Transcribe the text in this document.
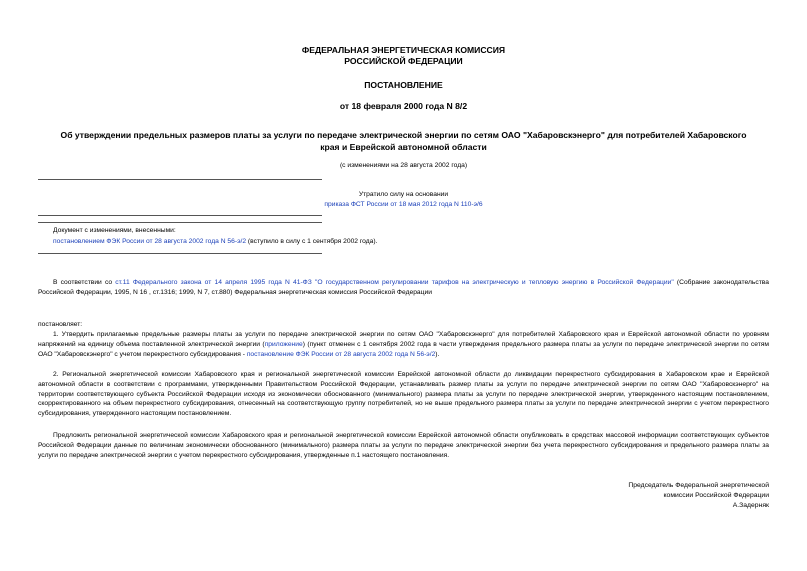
ФЕДЕРАЛЬНАЯ ЭНЕРГЕТИЧЕСКАЯ КОМИССИЯ
РОССИЙСКОЙ ФЕДЕРАЦИИ
ПОСТАНОВЛЕНИЕ
от 18 февраля 2000 года N 8/2
Об утверждении предельных размеров платы за услуги по передаче электрической энергии по сетям ОАО "Хабаровскэнерго" для потребителей Хабаровского
края и Еврейской автономной области
(с изменениями на 28 августа 2002 года)
Утратило силу на основании
приказа ФСТ России от 18 мая 2012 года N 110-э/6
Документ с изменениями, внесенными:
постановлением ФЭК России от 28 августа 2002 года N 56-э/2 (вступило в силу с 1 сентября 2002 года).
В соответствии со ст.11 Федерального закона от 14 апреля 1995 года N 41-ФЗ "О государственном регулировании тарифов на электрическую и тепловую энергию в Российской Федерации" (Собрание законодательства Российской Федерации, 1995, N 16 , ст.1316; 1999, N 7, ст.880) Федеральная энергетическая комиссия Российской Федерации
постановляет:
1. Утвердить прилагаемые предельные размеры платы за услуги по передаче электрической энергии по сетям ОАО "Хабаровскэнерго" для потребителей Хабаровского края и Еврейской автономной области по уровням напряжений на единицу объема поставленной электрической энергии (приложение) (пункт отменен с 1 сентября 2002 года в части утверждения предельного размера платы за услуги по передаче электрической энергии по сетям ОАО "Хабаровскэнерго" с учетом перекрестного субсидирования - постановление ФЭК России от 28 августа 2002 года N 56-э/2).
2. Региональной энергетической комиссии Хабаровского края и региональной энергетической комиссии Еврейской автономной области до ликвидации перекрестного субсидирования в Хабаровском крае и Еврейской автономной области в соответствии с программами, утвержденными Правительством Российской Федерации, устанавливать размер платы за услуги по передаче электрической энергии по сетям ОАО "Хабаровскэнерго" на территории соответствующего субъекта Российской Федерации исходя из экономически обоснованного (минимального) размера платы за услуги по передаче электрической энергии, утвержденного настоящим постановлением, скорректированного на объем перекрестного субсидирования, отнесенный на соответствующую группу потребителей, но не выше предельного размера платы за услуги по передаче электрической энергии с учетом перекрестного субсидирования, утвержденного настоящим постановлением.
Предложить региональной энергетической комиссии Хабаровского края и региональной энергетической комиссии Еврейской автономной области опубликовать в средствах массовой информации соответствующих субъектов Российской Федерации данные по величинам экономически обоснованного (минимального) размера платы за услуги по передаче электрической энергии без учета перекрестного субсидирования и предельного размера платы за услуги по передаче электрической энергии с учетом перекрестного субсидирования, утвержденные п.1 настоящего постановления.
Председатель Федеральной энергетической
комиссии Российской Федерации
А.Задерняк
